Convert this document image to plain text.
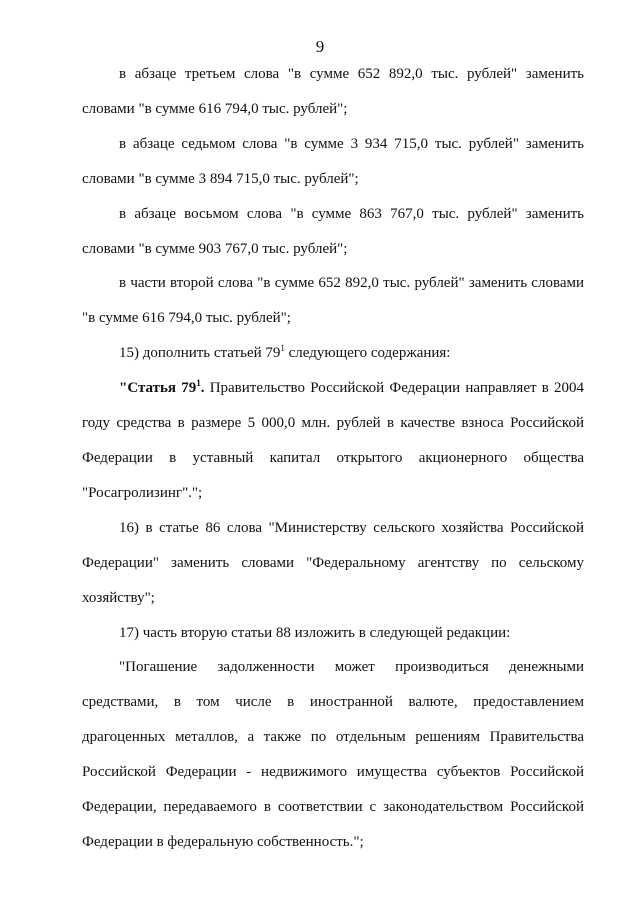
9

в абзаце третьем слова "в сумме 652 892,0 тыс. рублей" заменить словами "в сумме 616 794,0 тыс. рублей";

в абзаце седьмом слова "в сумме 3 934 715,0 тыс. рублей" заменить словами "в сумме 3 894 715,0 тыс. рублей";

в абзаце восьмом слова "в сумме 863 767,0 тыс. рублей" заменить словами "в сумме 903 767,0 тыс. рублей";

в части второй слова "в сумме 652 892,0 тыс. рублей" заменить словами "в сумме 616 794,0 тыс. рублей";

15) дополнить статьей $79^1$ следующего содержания:

"Статья $79^1$. Правительство Российской Федерации направляет в 2004 году средства в размере 5 000,0 млн. рублей в качестве взноса Российской Федерации в уставный капитал открытого акционерного общества "Росагролизинг".";

16) в статье 86 слова "Министерству сельского хозяйства Российской Федерации" заменить словами "Федеральному агентству по сельскому хозяйству";

17) часть вторую статьи 88 изложить в следующей редакции:

"Погашение задолженности может производиться денежными средствами, в том числе в иностранной валюте, предоставлением драгоценных металлов, а также по отдельным решениям Правительства Российской Федерации - недвижимого имущества субъектов Российской Федерации, передаваемого в соответствии с законодательством Российской Федерации в федеральную собственность.";
